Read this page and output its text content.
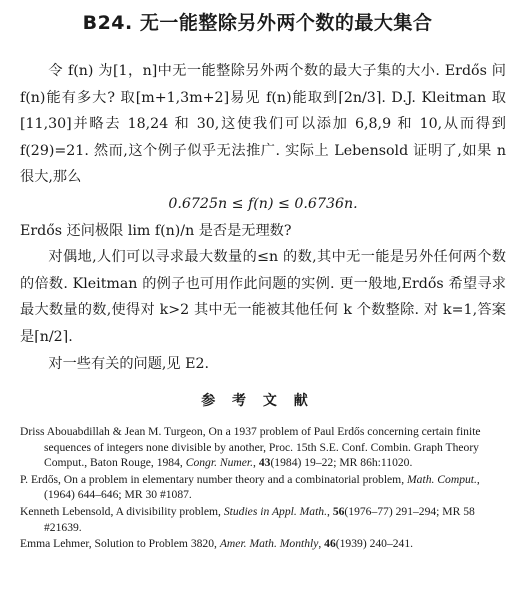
B24. 无一能整除另外两个数的最大集合

令 f(n) 为[1，n]中无一能整除另外两个数的最大子集的大小. Erdős 问 f(n)能有多大? 取[m+1,3m+2]易见 f(n)能取到⌈2n/3⌉. D.J. Kleitman 取[11,30]并略去 18,24 和 30,这使我们可以添加 6,8,9 和 10,从而得到 f(29)=21. 然而,这个例子似乎无法推广. 实际上 Lebensold 证明了,如果 n 很大,那么

0.6725n ≤ f(n) ≤ 0.6736n.

Erdős 还问极限 lim f(n)/n 是否是无理数?

对偶地,人们可以寻求最大数量的≤n 的数,其中无一能是另外任何两个数的倍数. Kleitman 的例子也可用作此问题的实例. 更一般地,Erdős 希望寻求最大数量的数,使得对 k>2 其中无一能被其他任何 k 个数整除. 对 k=1,答案是⌈n/2⌉.

对一些有关的问题,见 E2.

参 考 文 献

Driss Abouabdillah & Jean M. Turgeon, On a 1937 problem of Paul Erdős concerning certain finite sequences of integers none divisible by another, Proc. 15th S.E. Conf. Combin. Graph Theory Comput., Baton Rouge, 1984, Congr. Numer., 43(1984) 19–22; MR 86h:11020.

P. Erdős, On a problem in elementary number theory and a combinatorial problem, Math. Comput., (1964) 644–646; MR 30 #1087.

Kenneth Lebensold, A divisibility problem, Studies in Appl. Math., 56(1976–77) 291–294; MR 58 #21639.

Emma Lehmer, Solution to Problem 3820, Amer. Math. Monthly, 46(1939) 240–241.
